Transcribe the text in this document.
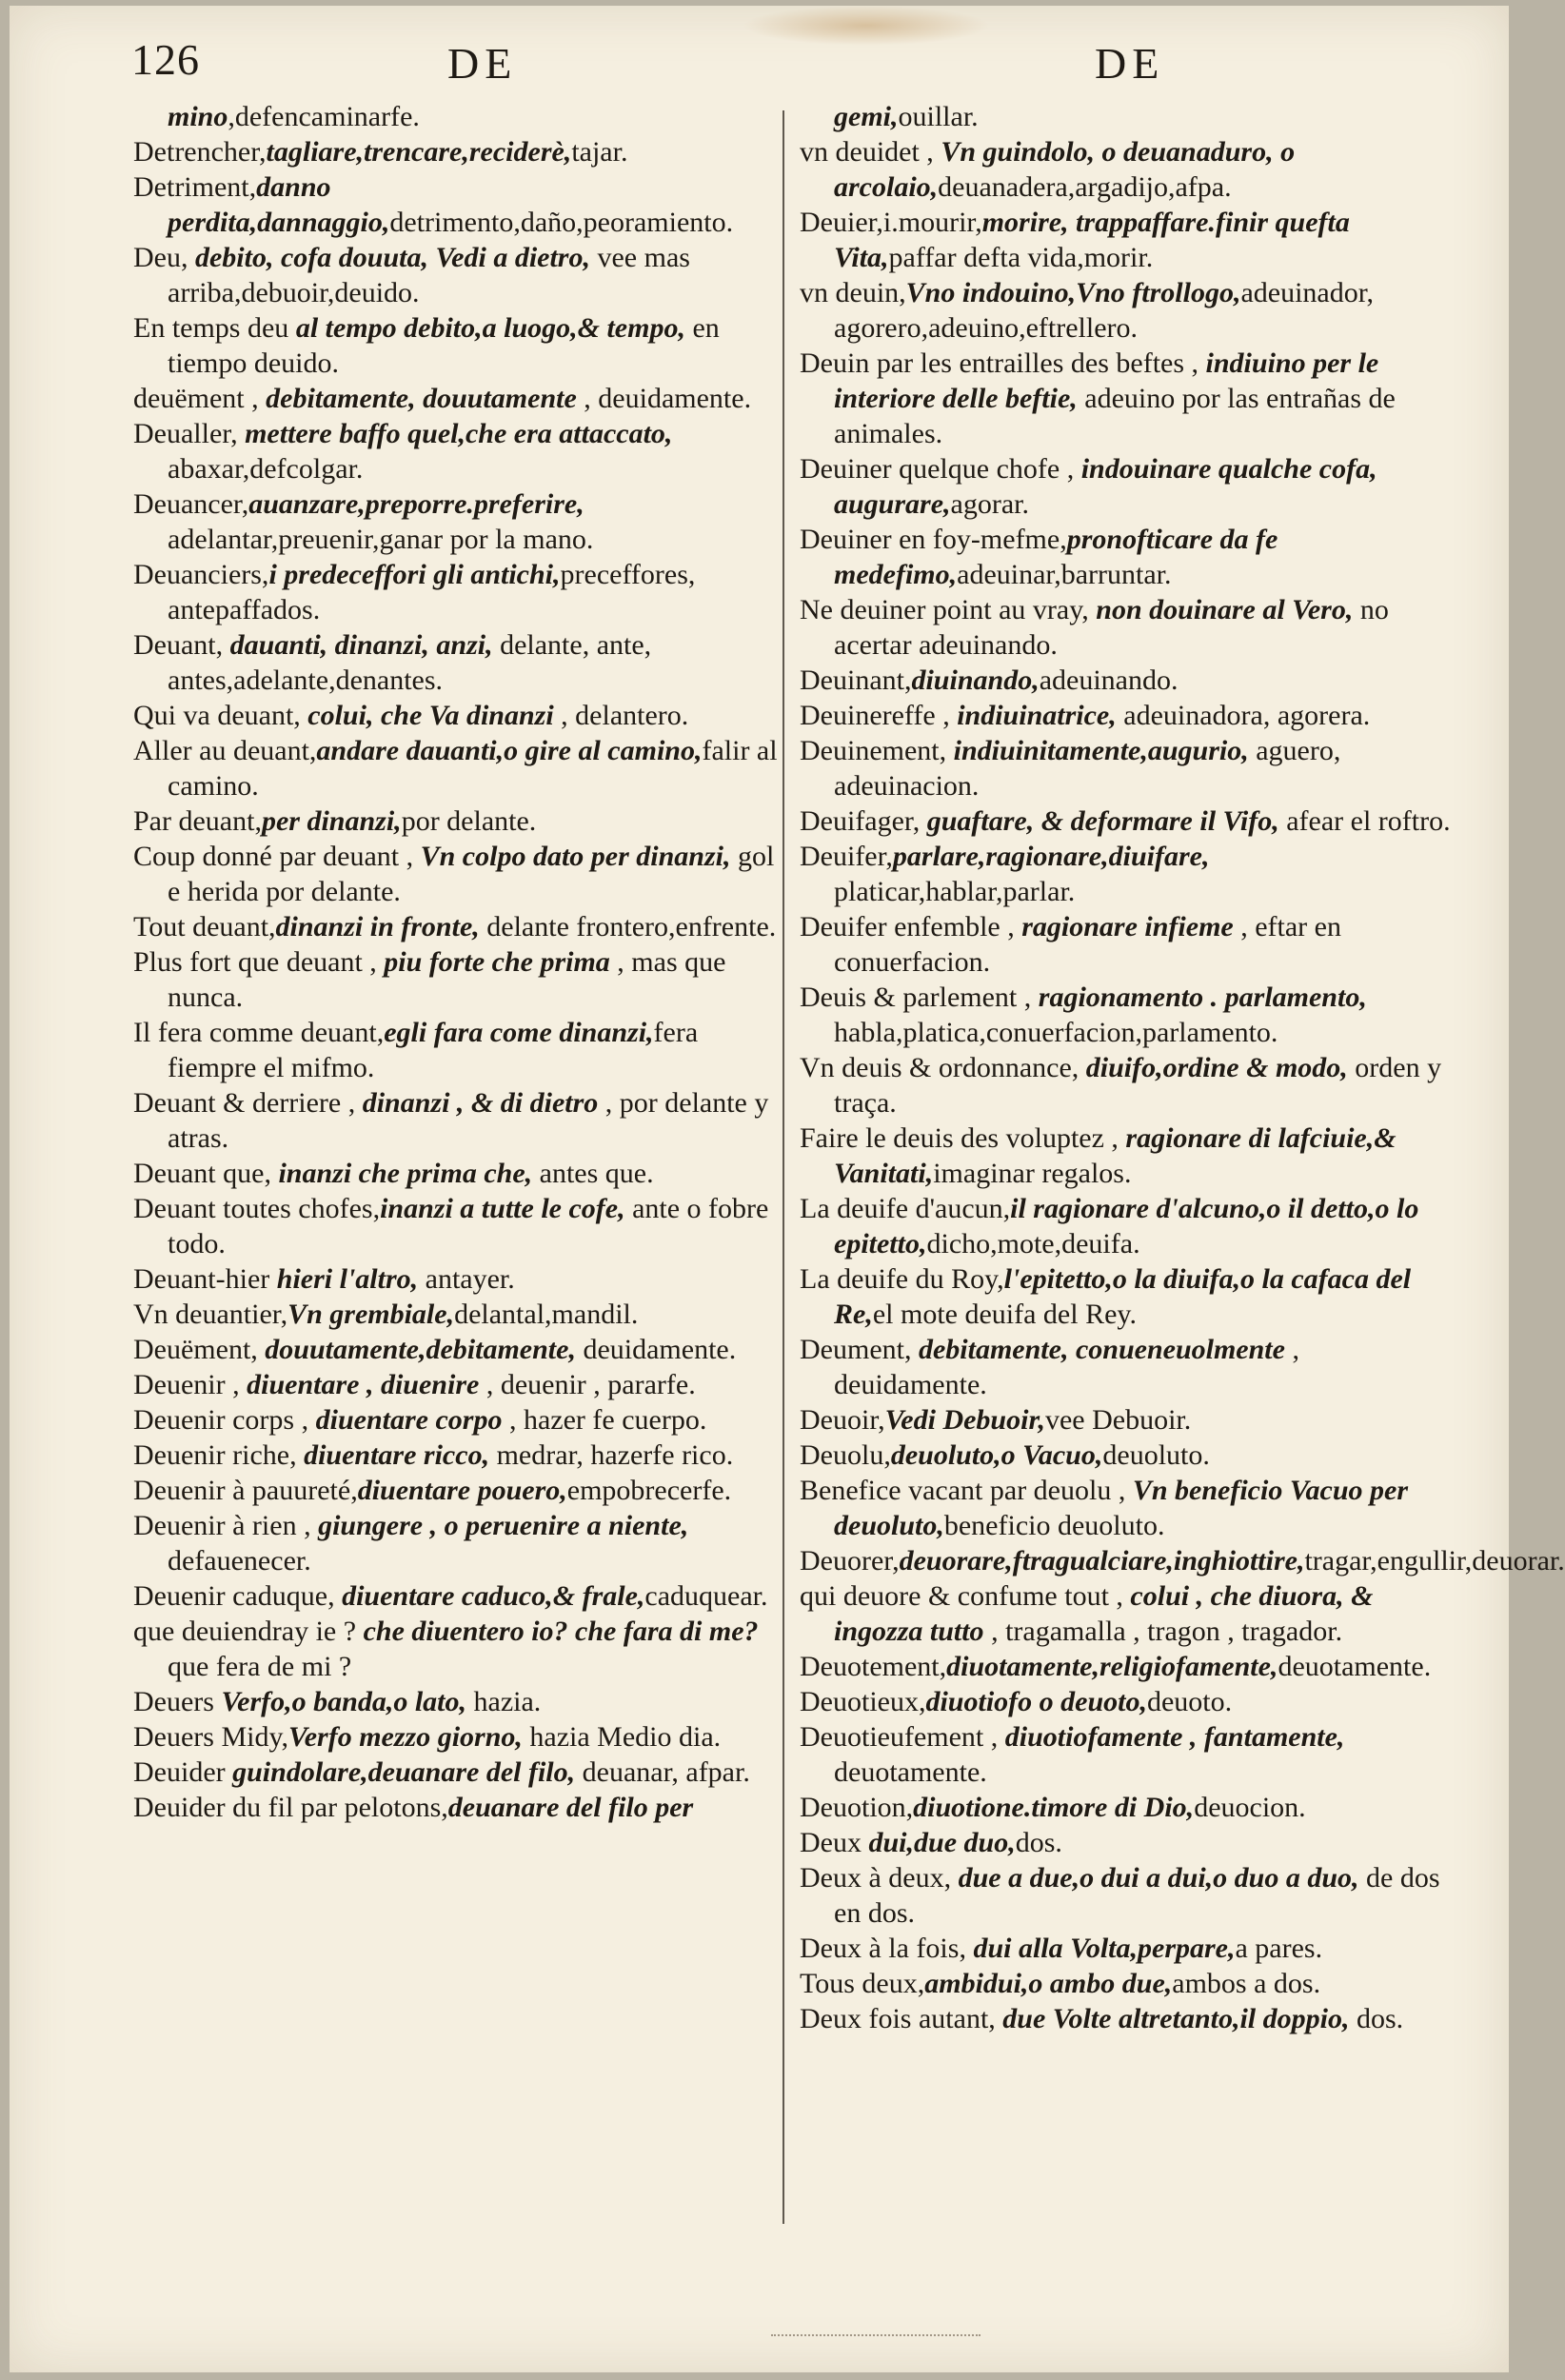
126	DE	DE

mino,defencaminarfe.

Detrencher,tagliare,trencare,reciderè,tajar.

Detriment,danno perdita,dannaggio,detrimento,daño,peoramiento.

Deu, debito, cofa douuta, Vedi a dietro, vee mas arriba,debuoir,deuido.

En temps deu al tempo debito,a luogo,& tempo, en tiempo deuido.

deuëment , debitamente, douutamente , deuidamente.

Deualler, mettere baffo quel,che era attaccato, abaxar,defcolgar.

Deuancer,auanzare,preporre.preferire, adelantar,preuenir,ganar por la mano.

Deuanciers,i predeceffori gli antichi,preceffores, antepaffados.

Deuant, dauanti, dinanzi, anzi, delante, ante, antes,adelante,denantes.

Qui va deuant, colui, che Va dinanzi , delantero.

Aller au deuant,andare dauanti,o gire al camino,falir al camino.

Par deuant,per dinanzi,por delante.

Coup donné par deuant , Vn colpo dato per dinanzi, gol e herida por delante.

Tout deuant,dinanzi in fronte, delante frontero,enfrente.

Plus fort que deuant , piu forte che prima , mas que nunca.

Il fera comme deuant,egli fara come dinanzi,fera fiempre el mifmo.

Deuant & derriere , dinanzi , & di dietro , por delante y atras.

Deuant que, inanzi che prima che, antes que.

Deuant toutes chofes,inanzi a tutte le cofe, ante o fobre todo.

Deuant-hier hieri l'altro, antayer.

Vn deuantier,Vn grembiale,delantal,mandil.

Deuëment, douutamente,debitamente, deuidamente.

Deuenir , diuentare , diuenire , deuenir , pararfe.

Deuenir corps , diuentare corpo , hazer fe cuerpo.

Deuenir riche, diuentare ricco, medrar, hazerfe rico.

Deuenir à pauureté,diuentare pouero,empobrecerfe.

Deuenir à rien , giungere , o peruenire a niente, defauenecer.

Deuenir caduque, diuentare caduco,& frale,caduquear.

que deuiendray ie ? che diuentero io? che fara di me?que fera de mi ?

Deuers Verfo,o banda,o lato, hazia.

Deuers Midy,Verfo mezzo giorno, hazia Medio dia.

Deuider guindolare,deuanare del filo, deuanar, afpar.

Deuider du fil par pelotons,deuanare del filo per

gemi,ouillar.

vn deuidet , Vn guindolo, o deuanaduro, o arcolaio,deuanadera,argadijo,afpa.

Deuier,i.mourir,morire, trappaffare.finir quefta Vita,paffar defta vida,morir.

vn deuin,Vno indouino,Vno ftrollogo,adeuinador, agorero,adeuino,eftrellero.

Deuin par les entrailles des beftes , indiuino per le interiore delle beftie, adeuino por las entrañas de animales.

Deuiner quelque chofe , indouinare qualche cofa, augurare,agorar.

Deuiner en foy-mefme,pronofticare da fe medefimo,adeuinar,barruntar.

Ne deuiner point au vray, non douinare al Vero, no acertar adeuinando.

Deuinant,diuinando,adeuinando.

Deuinereffe , indiuinatrice, adeuinadora, agorera.

Deuinement, indiuinitamente,augurio, aguero, adeuinacion.

Deuifager, guaftare, & deformare il Vifo, afear el roftro.

Deuifer,parlare,ragionare,diuifare, platicar,hablar,parlar.

Deuifer enfemble , ragionare infieme , eftar en conuerfacion.

Deuis & parlement , ragionamento . parlamento, habla,platica,conuerfacion,parlamento.

Vn deuis & ordonnance, diuifo,ordine & modo, orden y traça.

Faire le deuis des voluptez , ragionare di lafciuie,& Vanitati,imaginar regalos.

La deuife d'aucun,il ragionare d'alcuno,o il detto,o lo epitetto,dicho,mote,deuifa.

La deuife du Roy,l'epitetto,o la diuifa,o la cafaca del Re,el mote deuifa del Rey.

Deument, debitamente, conueneuolmente , deuidamente.

Deuoir,Vedi Debuoir,vee Debuoir.

Deuolu,deuoluto,o Vacuo,deuoluto.

Benefice vacant par deuolu , Vn beneficio Vacuo per deuoluto,beneficio deuoluto.

Deuorer,deuorare,ftragualciare,inghiottire,tragar,engullir,deuorar.

qui deuore & confume tout , colui , che diuora, & ingozza tutto , tragamalla , tragon , tragador.

Deuotement,diuotamente,religiofamente,deuotamente.

Deuotieux,diuotiofo o deuoto,deuoto.

Deuotieufement , diuotiofamente , fantamente, deuotamente.

Deuotion,diuotione.timore di Dio,deuocion.

Deux dui,due duo,dos.

Deux à deux, due a due,o dui a dui,o duo a duo, de dos en dos.

Deux à la fois, dui alla Volta,perpare,a pares.

Tous deux,ambidui,o ambo due,ambos a dos.

Deux fois autant, due Volte altretanto,il doppio, dos.
